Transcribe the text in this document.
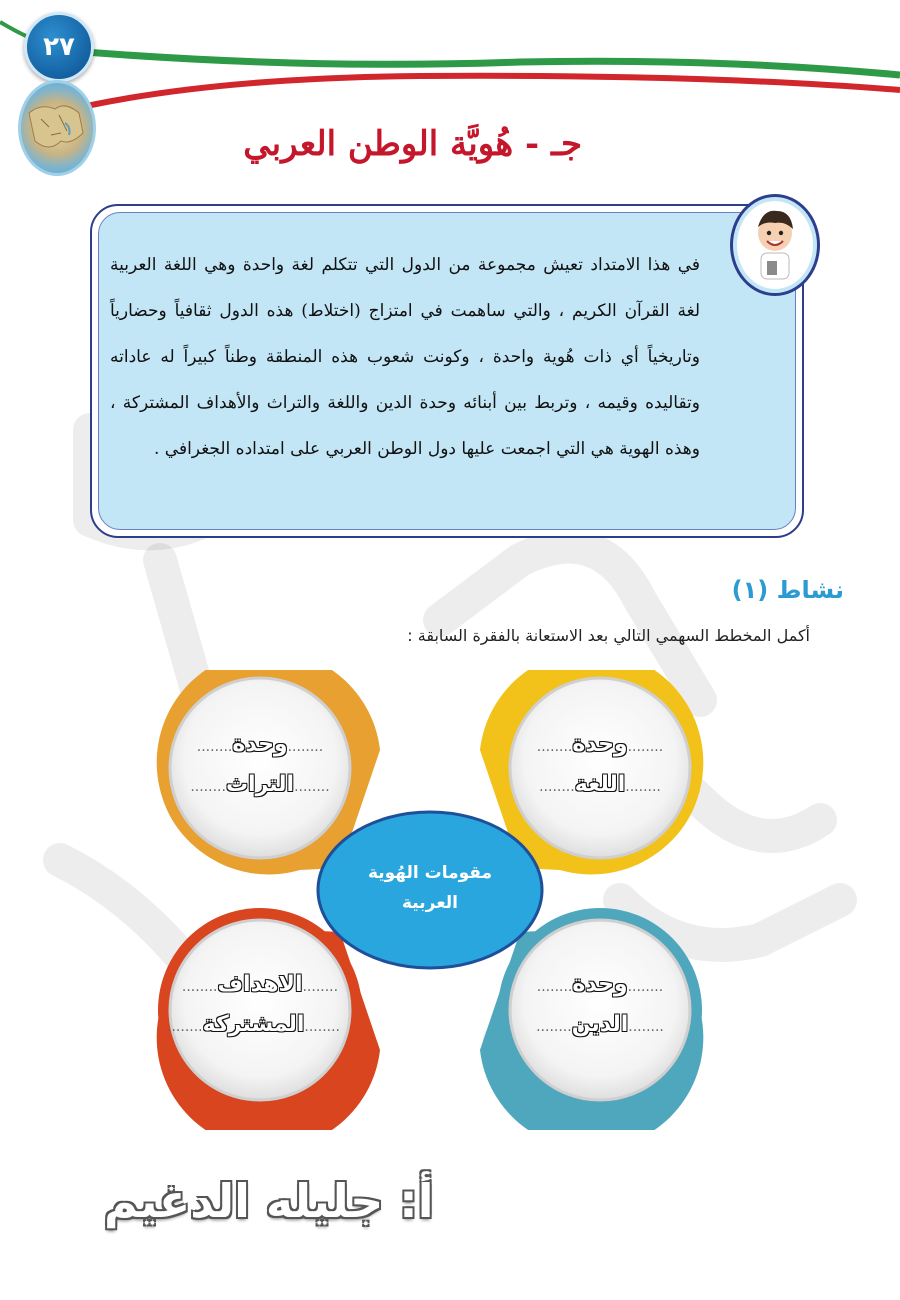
٢٧
جـ - هُويَّة الوطن العربي
في هذا الامتداد تعيش مجموعة من الدول التي تتكلم لغة واحدة وهي اللغة العربية لغة القرآن الكريم ، والتي ساهمت في امتزاج (اختلاط) هذه الدول ثقافياً وحضارياً وتاريخياً أي ذات هُوية واحدة ، وكونت شعوب هذه المنطقة وطناً كبيراً له عاداته وتقاليده وقيمه ، وتربط بين أبنائه وحدة الدين واللغة والتراث والأهداف المشتركة ، وهذه الهوية هي التي اجمعت عليها دول الوطن العربي على امتداده الجغرافي .
نشاط (١)
أكمل المخطط السهمي التالي بعد الاستعانة بالفقرة السابقة :
........وحدة........
........التراث........
........وحدة........
........اللغة........
........الاهداف........
........المشتركة........
........وحدة........
........الدين........
مقومات الهُوية العربية
أ: جليله الدغيم
